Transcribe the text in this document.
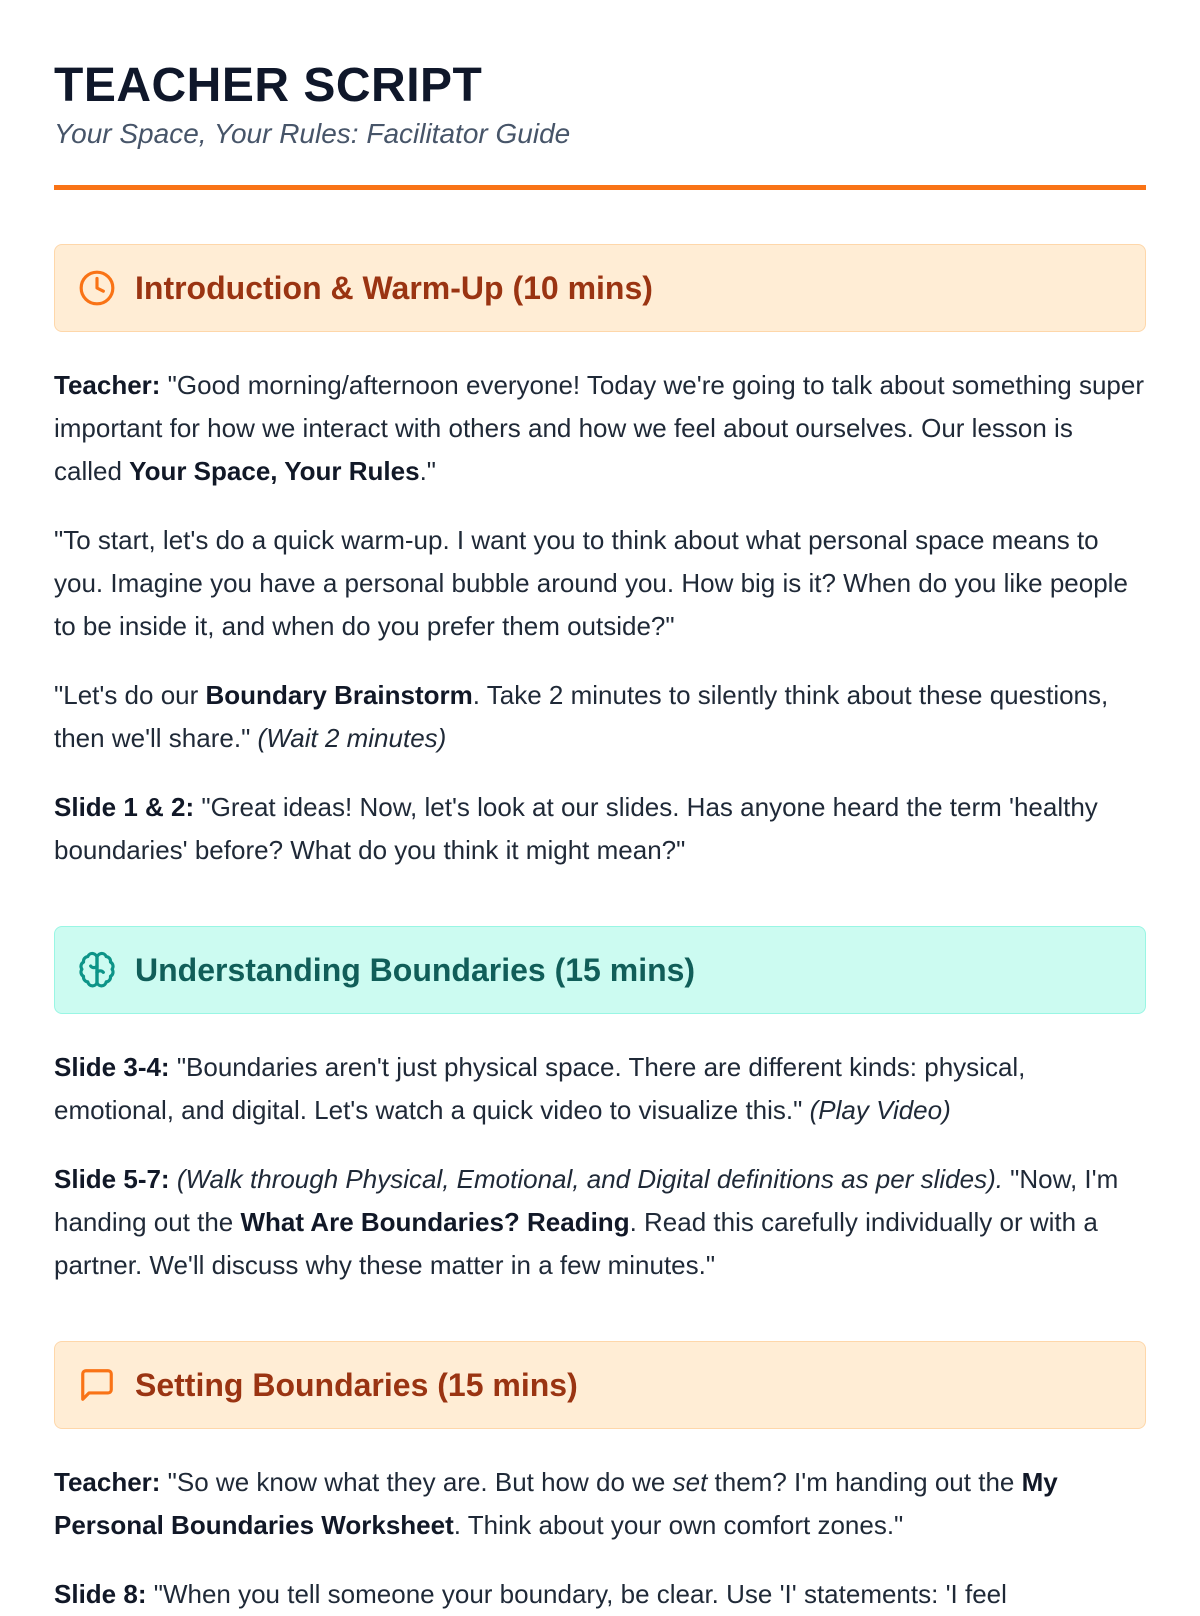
TEACHER SCRIPT

Your Space, Your Rules: Facilitator Guide

Introduction & Warm-Up (10 mins)

Teacher: "Good morning/afternoon everyone! Today we're going to talk about something super important for how we interact with others and how we feel about ourselves. Our lesson is called Your Space, Your Rules."

"To start, let's do a quick warm-up. I want you to think about what personal space means to you. Imagine you have a personal bubble around you. How big is it? When do you like people to be inside it, and when do you prefer them outside?"

"Let's do our Boundary Brainstorm. Take 2 minutes to silently think about these questions, then we'll share." (Wait 2 minutes)

Slide 1 & 2: "Great ideas! Now, let's look at our slides. Has anyone heard the term 'healthy boundaries' before? What do you think it might mean?"

Understanding Boundaries (15 mins)

Slide 3-4: "Boundaries aren't just physical space. There are different kinds: physical, emotional, and digital. Let's watch a quick video to visualize this." (Play Video)

Slide 5-7: (Walk through Physical, Emotional, and Digital definitions as per slides). "Now, I'm handing out the What Are Boundaries? Reading. Read this carefully individually or with a partner. We'll discuss why these matter in a few minutes."

Setting Boundaries (15 mins)

Teacher: "So we know what they are. But how do we set them? I'm handing out the My Personal Boundaries Worksheet. Think about your own comfort zones."

Slide 8: "When you tell someone your boundary, be clear. Use 'I' statements: 'I feel
